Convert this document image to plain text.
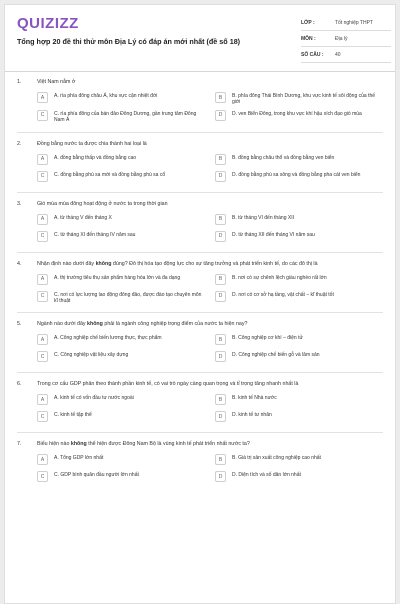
QUIZIZZ
Tổng hợp 20 đề thi thử môn Địa Lý có đáp án mới nhất (đề số 18)
LỚP :	Tốt nghiệp THPT
MÔN :	Địa lý
SỐ CÂU :	40
1.	Việt Nam nằm ở
A	A. rìa phía đông châu Á, khu vực cận nhiệt đới	B	B. phía đông Thái Bình Dương, khu vực kinh tế sôi động của thế giới
C	C. rìa phía đông của bán đảo Đông Dương, gần trung tâm Đông Nam Á
D	D. ven Biển Đông, trong khu vực khí hậu xích đạo gió mùa
2.	Đồng bằng nước ta được chia thành hai loại là
A	A. đồng bằng thấp và đồng bằng cao	B	B. đồng bằng châu thổ và đồng bằng ven biển
C	C. đồng bằng phù sa mới và đồng bằng phù sa cổ	D	D. đồng bằng phù sa sông và đồng bằng pha cát ven biển
3.	Gió mùa mùa đông hoạt động ở nước ta trong thời gian
A	A. từ tháng V đến tháng X	B	B. từ tháng VI đến tháng XII
C	C. từ tháng XI đến tháng IV năm sau	D	D. từ tháng XII đến tháng VI năm sau
4.	Nhận định nào dưới đây không đúng? Đô thị hóa tạo động lực cho sự tăng trưởng và phát triển kinh tế, do các đô thị là
A	A. thị trường tiêu thụ sản phẩm hàng hóa lớn và đa dạng	B	B. nơi có sự chênh lệch giàu nghèo rất lớn
C	C. nơi có lực lượng lao động đông đảo, được đào tạo chuyên môn kĩ thuật
D	D. nơi có cơ sở hạ tầng, vật chất – kĩ thuật tốt
5.	Ngành nào dưới đây không phải là ngành công nghiệp trọng điểm của nước ta hiện nay?
A	A. Công nghiệp chế biến lương thực, thực phẩm	B	B. Công nghiệp cơ khí – điện tử
C	C. Công nghiệp vật liệu xây dựng	D	D. Công nghiệp chế biến gỗ và lâm sản
6.	Trong cơ cấu GDP phân theo thành phần kinh tế, có vai trò ngày càng quan trọng và tỉ trọng tăng nhanh nhất là
A	A. kinh tế có vốn đầu tư nước ngoài	B	B. kinh tế Nhà nước
C	C. kinh tế tập thể	D	D. kinh tế tư nhân
7.	Biểu hiện nào không thể hiện được Đông Nam Bộ là vùng kinh tế phát triển nhất nước ta?
A	A. Tổng GDP lớn nhất	B	B. Giá trị sản xuất công nghiệp cao nhất
C	C. GDP bình quân đầu người lớn nhất	D	D. Diện tích và số dân lớn nhất
